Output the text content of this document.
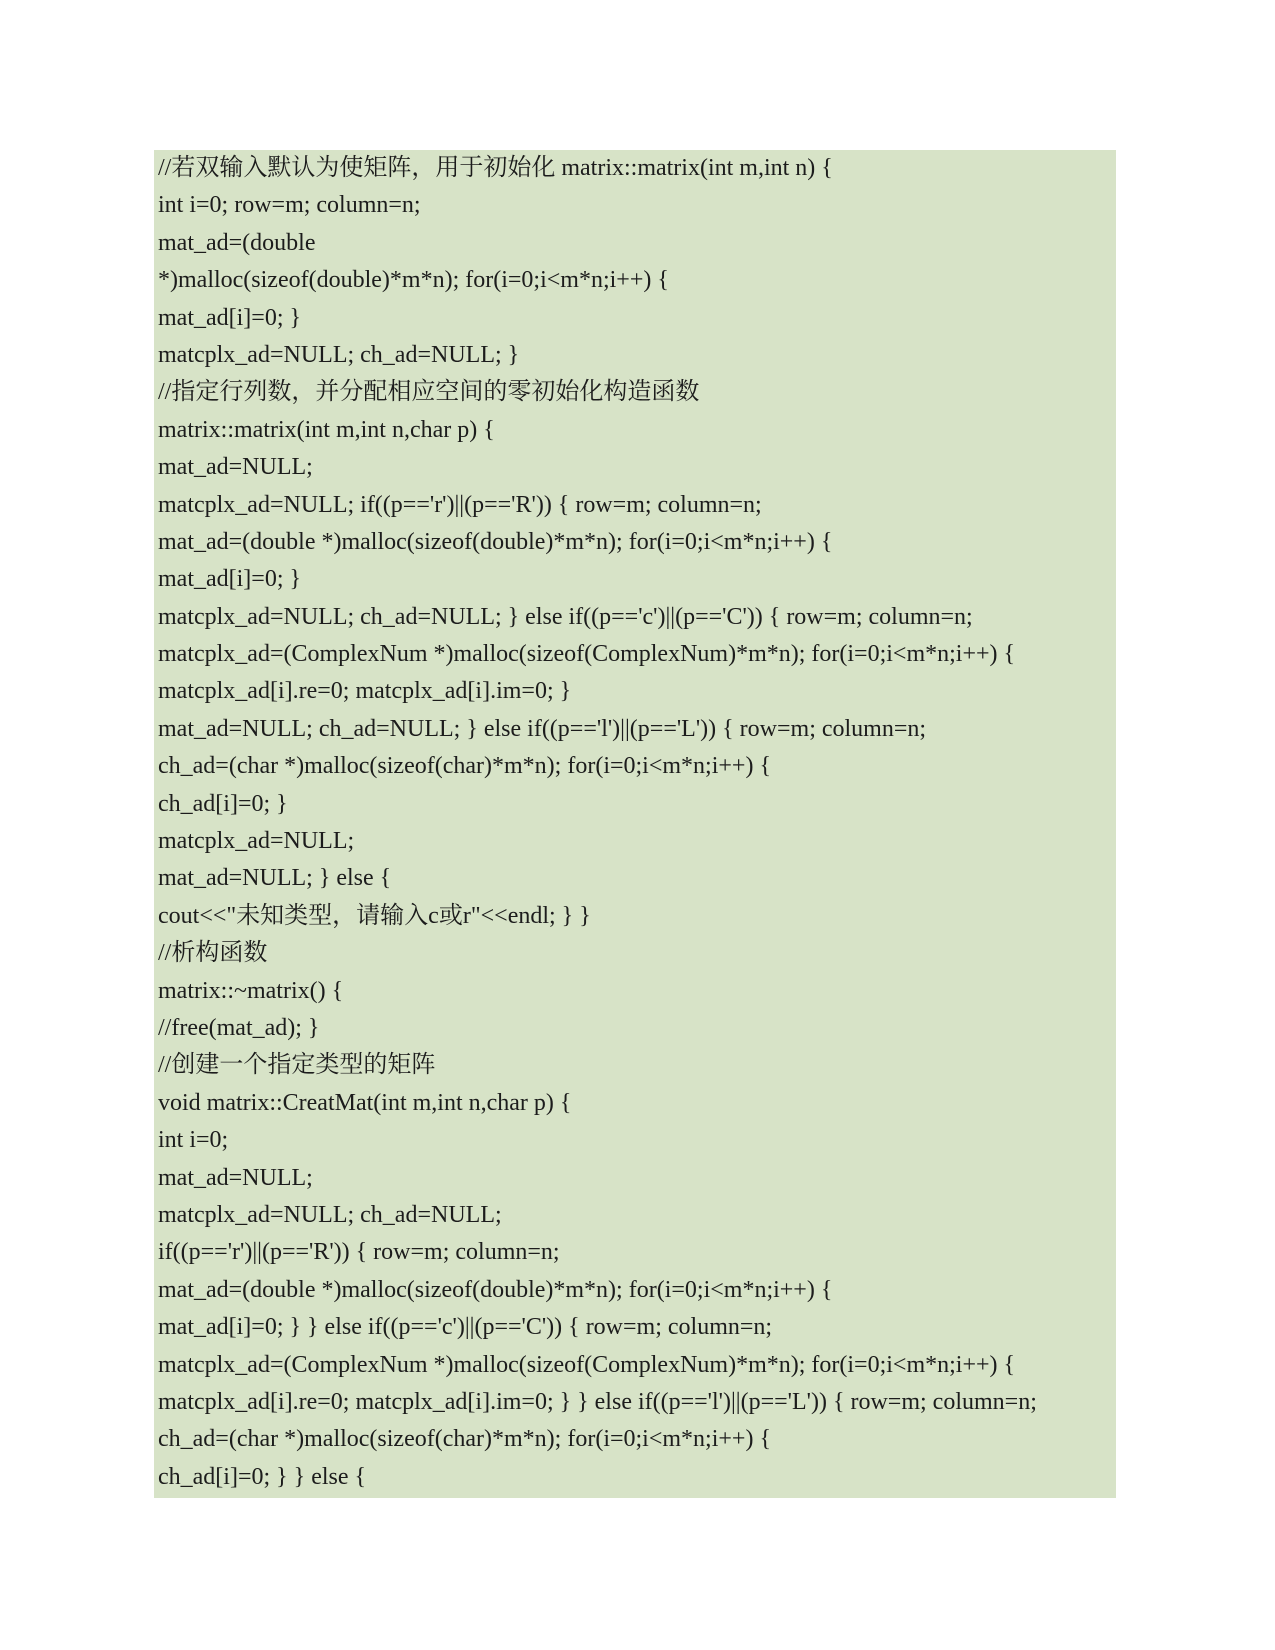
//若双输入默认为使矩阵，用于初始化 matrix::matrix(int m,int n) {
int i=0; row=m; column=n;
mat_ad=(double
*)malloc(sizeof(double)*m*n); for(i=0;i<m*n;i++) {
mat_ad[i]=0; }
matcplx_ad=NULL; ch_ad=NULL; }
//指定行列数，并分配相应空间的零初始化构造函数
matrix::matrix(int m,int n,char p) {
mat_ad=NULL;
matcplx_ad=NULL; if((p=='r')||(p=='R')) { row=m; column=n;
mat_ad=(double *)malloc(sizeof(double)*m*n); for(i=0;i<m*n;i++) {
mat_ad[i]=0; }
matcplx_ad=NULL; ch_ad=NULL; } else if((p=='c')||(p=='C')) { row=m; column=n;
matcplx_ad=(ComplexNum *)malloc(sizeof(ComplexNum)*m*n); for(i=0;i<m*n;i++) {
matcplx_ad[i].re=0; matcplx_ad[i].im=0; }
mat_ad=NULL; ch_ad=NULL; } else if((p=='l')||(p=='L')) { row=m; column=n;
ch_ad=(char *)malloc(sizeof(char)*m*n); for(i=0;i<m*n;i++) {
ch_ad[i]=0; }
matcplx_ad=NULL;
mat_ad=NULL; } else {
cout<<"未知类型，请输入c或r"<<endl; } }
//析构函数
matrix::~matrix() {
//free(mat_ad); }
//创建一个指定类型的矩阵
void matrix::CreatMat(int m,int n,char p) {
int i=0;
mat_ad=NULL;
matcplx_ad=NULL; ch_ad=NULL;
if((p=='r')||(p=='R')) { row=m; column=n;
mat_ad=(double *)malloc(sizeof(double)*m*n); for(i=0;i<m*n;i++) {
mat_ad[i]=0; } } else if((p=='c')||(p=='C')) { row=m; column=n;
matcplx_ad=(ComplexNum *)malloc(sizeof(ComplexNum)*m*n); for(i=0;i<m*n;i++) {
matcplx_ad[i].re=0; matcplx_ad[i].im=0; } } else if((p=='l')||(p=='L')) { row=m; column=n;
ch_ad=(char *)malloc(sizeof(char)*m*n); for(i=0;i<m*n;i++) {
ch_ad[i]=0; } } else {
